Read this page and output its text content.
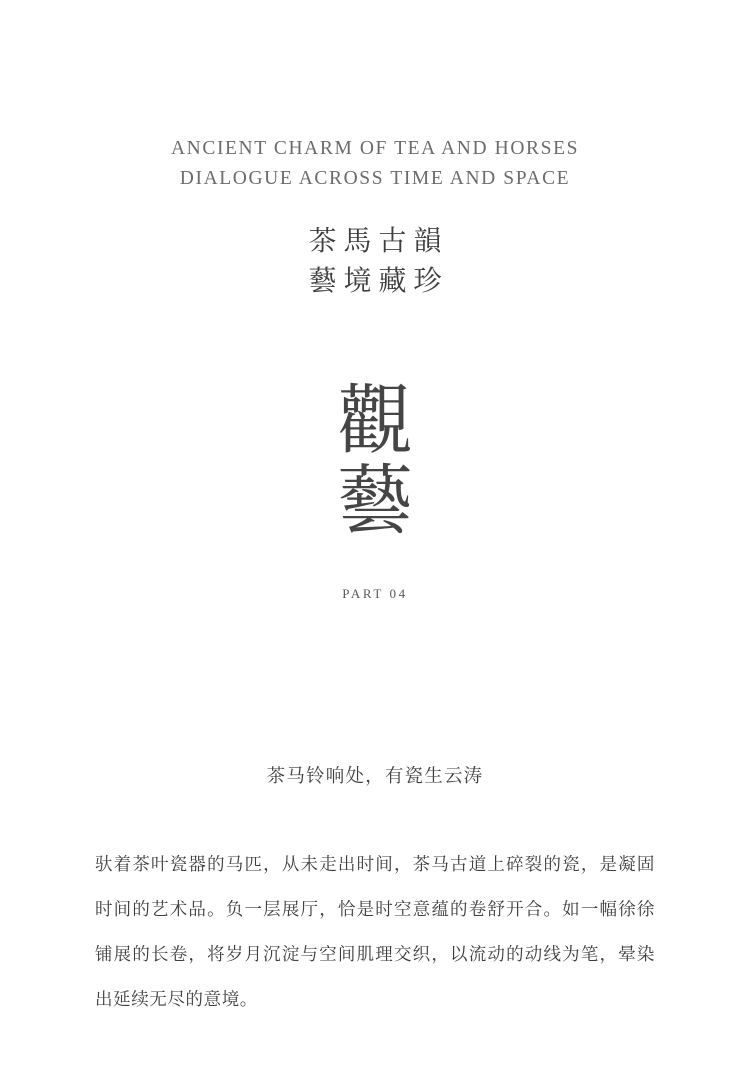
ANCIENT CHARM OF TEA AND HORSES
DIALOGUE ACROSS TIME AND SPACE
茶馬古韻
藝境藏珍
觀
藝
PART 04
茶马铃响处，有瓷生云涛

驮着茶叶瓷器的马匹，从未走出时间，茶马古道上碎裂的瓷，是凝固时间的艺术品。负一层展厅，恰是时空意蕴的卷舒开合。如一幅徐徐铺展的长卷，将岁月沉淀与空间肌理交织，以流动的动线为笔，晕染出延续无尽的意境。
